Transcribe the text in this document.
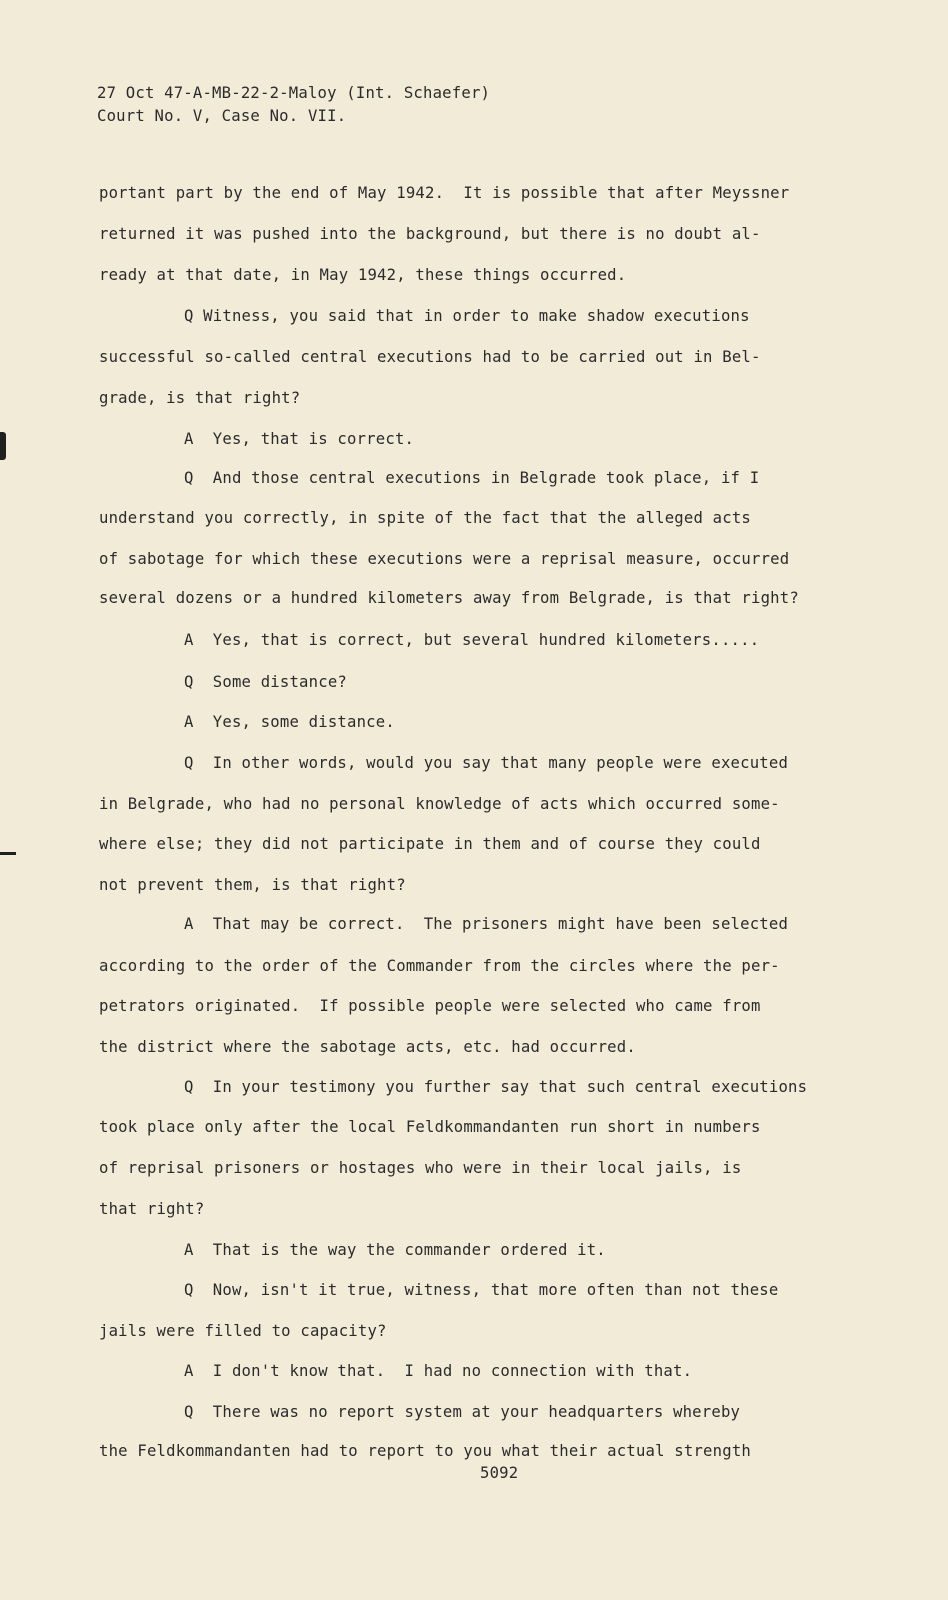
27 Oct 47-A-MB-22-2-Maloy (Int. Schaefer)
Court No. V, Case No. VII.
portant part by the end of May 1942.  It is possible that after Meyssner
returned it was pushed into the background, but there is no doubt al-
ready at that date, in May 1942, these things occurred.
Q Witness, you said that in order to make shadow executions
successful so-called central executions had to be carried out in Bel-
grade, is that right?
A  Yes, that is correct.
Q  And those central executions in Belgrade took place, if I
understand you correctly, in spite of the fact that the alleged acts
of sabotage for which these executions were a reprisal measure, occurred
several dozens or a hundred kilometers away from Belgrade, is that right?
A  Yes, that is correct, but several hundred kilometers.....
Q  Some distance?
A  Yes, some distance.
Q  In other words, would you say that many people were executed
in Belgrade, who had no personal knowledge of acts which occurred some-
where else; they did not participate in them and of course they could
not prevent them, is that right?
A  That may be correct.  The prisoners might have been selected
according to the order of the Commander from the circles where the per-
petrators originated.  If possible people were selected who came from
the district where the sabotage acts, etc. had occurred.
Q  In your testimony you further say that such central executions
took place only after the local Feldkommandanten run short in numbers
of reprisal prisoners or hostages who were in their local jails, is
that right?
A  That is the way the commander ordered it.
Q  Now, isn't it true, witness, that more often than not these
jails were filled to capacity?
A  I don't know that.  I had no connection with that.
Q  There was no report system at your headquarters whereby
the Feldkommandanten had to report to you what their actual strength
5092
